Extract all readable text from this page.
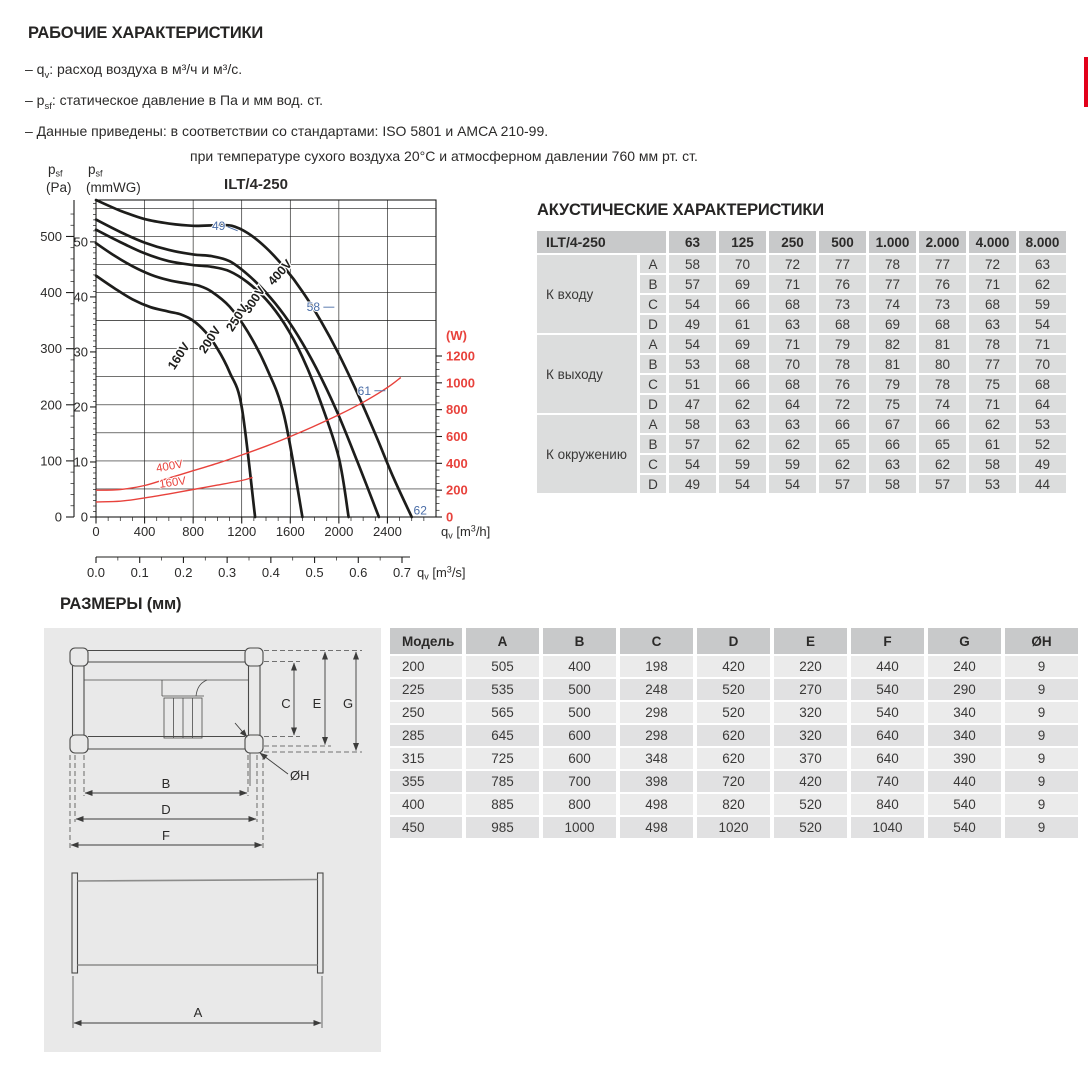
РАБОЧИЕ ХАРАКТЕРИСТИКИ
– $q_v$: расход воздуха в м³/ч и м³/с.
– $p_{sf}$: статическое давление в Па и мм вод. ст.
– Данные приведены: в соответствии со стандартами: ISO 5801 и AMCA 210-99.
при температуре сухого воздуха 20°C и атмосферном давлении 760 мм рт. ст.
0
100
200
300
400
500
0
10
20
30
40
50
0	400 800 1200 1600 2000 2400	qv $[m^3/h]$
0.0 0.1 0.2 0.3 0.4 0.5 0.6 0.7 qv $[m^3/s]$
0
200
400
600
800
1000
1200
(W)
400V
300V
250V
200V
160V
400V
160V
49
58
61
62
ILT/4-250
psf
(Pa)
psf
(mmWG)
АКУСТИЧЕСКИЕ ХАРАКТЕРИСТИКИ
ILT/4-250		63	125	250	500	1.000	2.000	4.000	8.000
К входу	A	58	70	72	77	78	77	72	63
	B	57	69	71	76	77	76	71	62
	C	54	66	68	73	74	73	68	59
	D	49	61	63	68	69	68	63	54
К выходу	A	54	69	71	79	82	81	78	71
	B	53	68	70	78	81	80	77	70
	C	51	66	68	76	79	78	75	68
	D	47	62	64	72	75	74	71	64
К окружению	A	58	63	63	66	67	66	62	53
	B	57	62	62	65	66	65	61	52
	C	54	59	59	62	63	62	58	49
	D	49	54	54	57	58	57	53	44
РАЗМЕРЫ (мм)
C E G
ØH
B
D
F
A
Модель	A	B	C	D	E	F	G	ØH
200	505	400	198	420	220	440	240	9
225	535	500	248	520	270	540	290	9
250	565	500	298	520	320	540	340	9
285	645	600	298	620	320	640	340	9
315	725	600	348	620	370	640	390	9
355	785	700	398	720	420	740	440	9
400	885	800	498	820	520	840	540	9
450	985	1000	498	1020	520	1040	540	9
